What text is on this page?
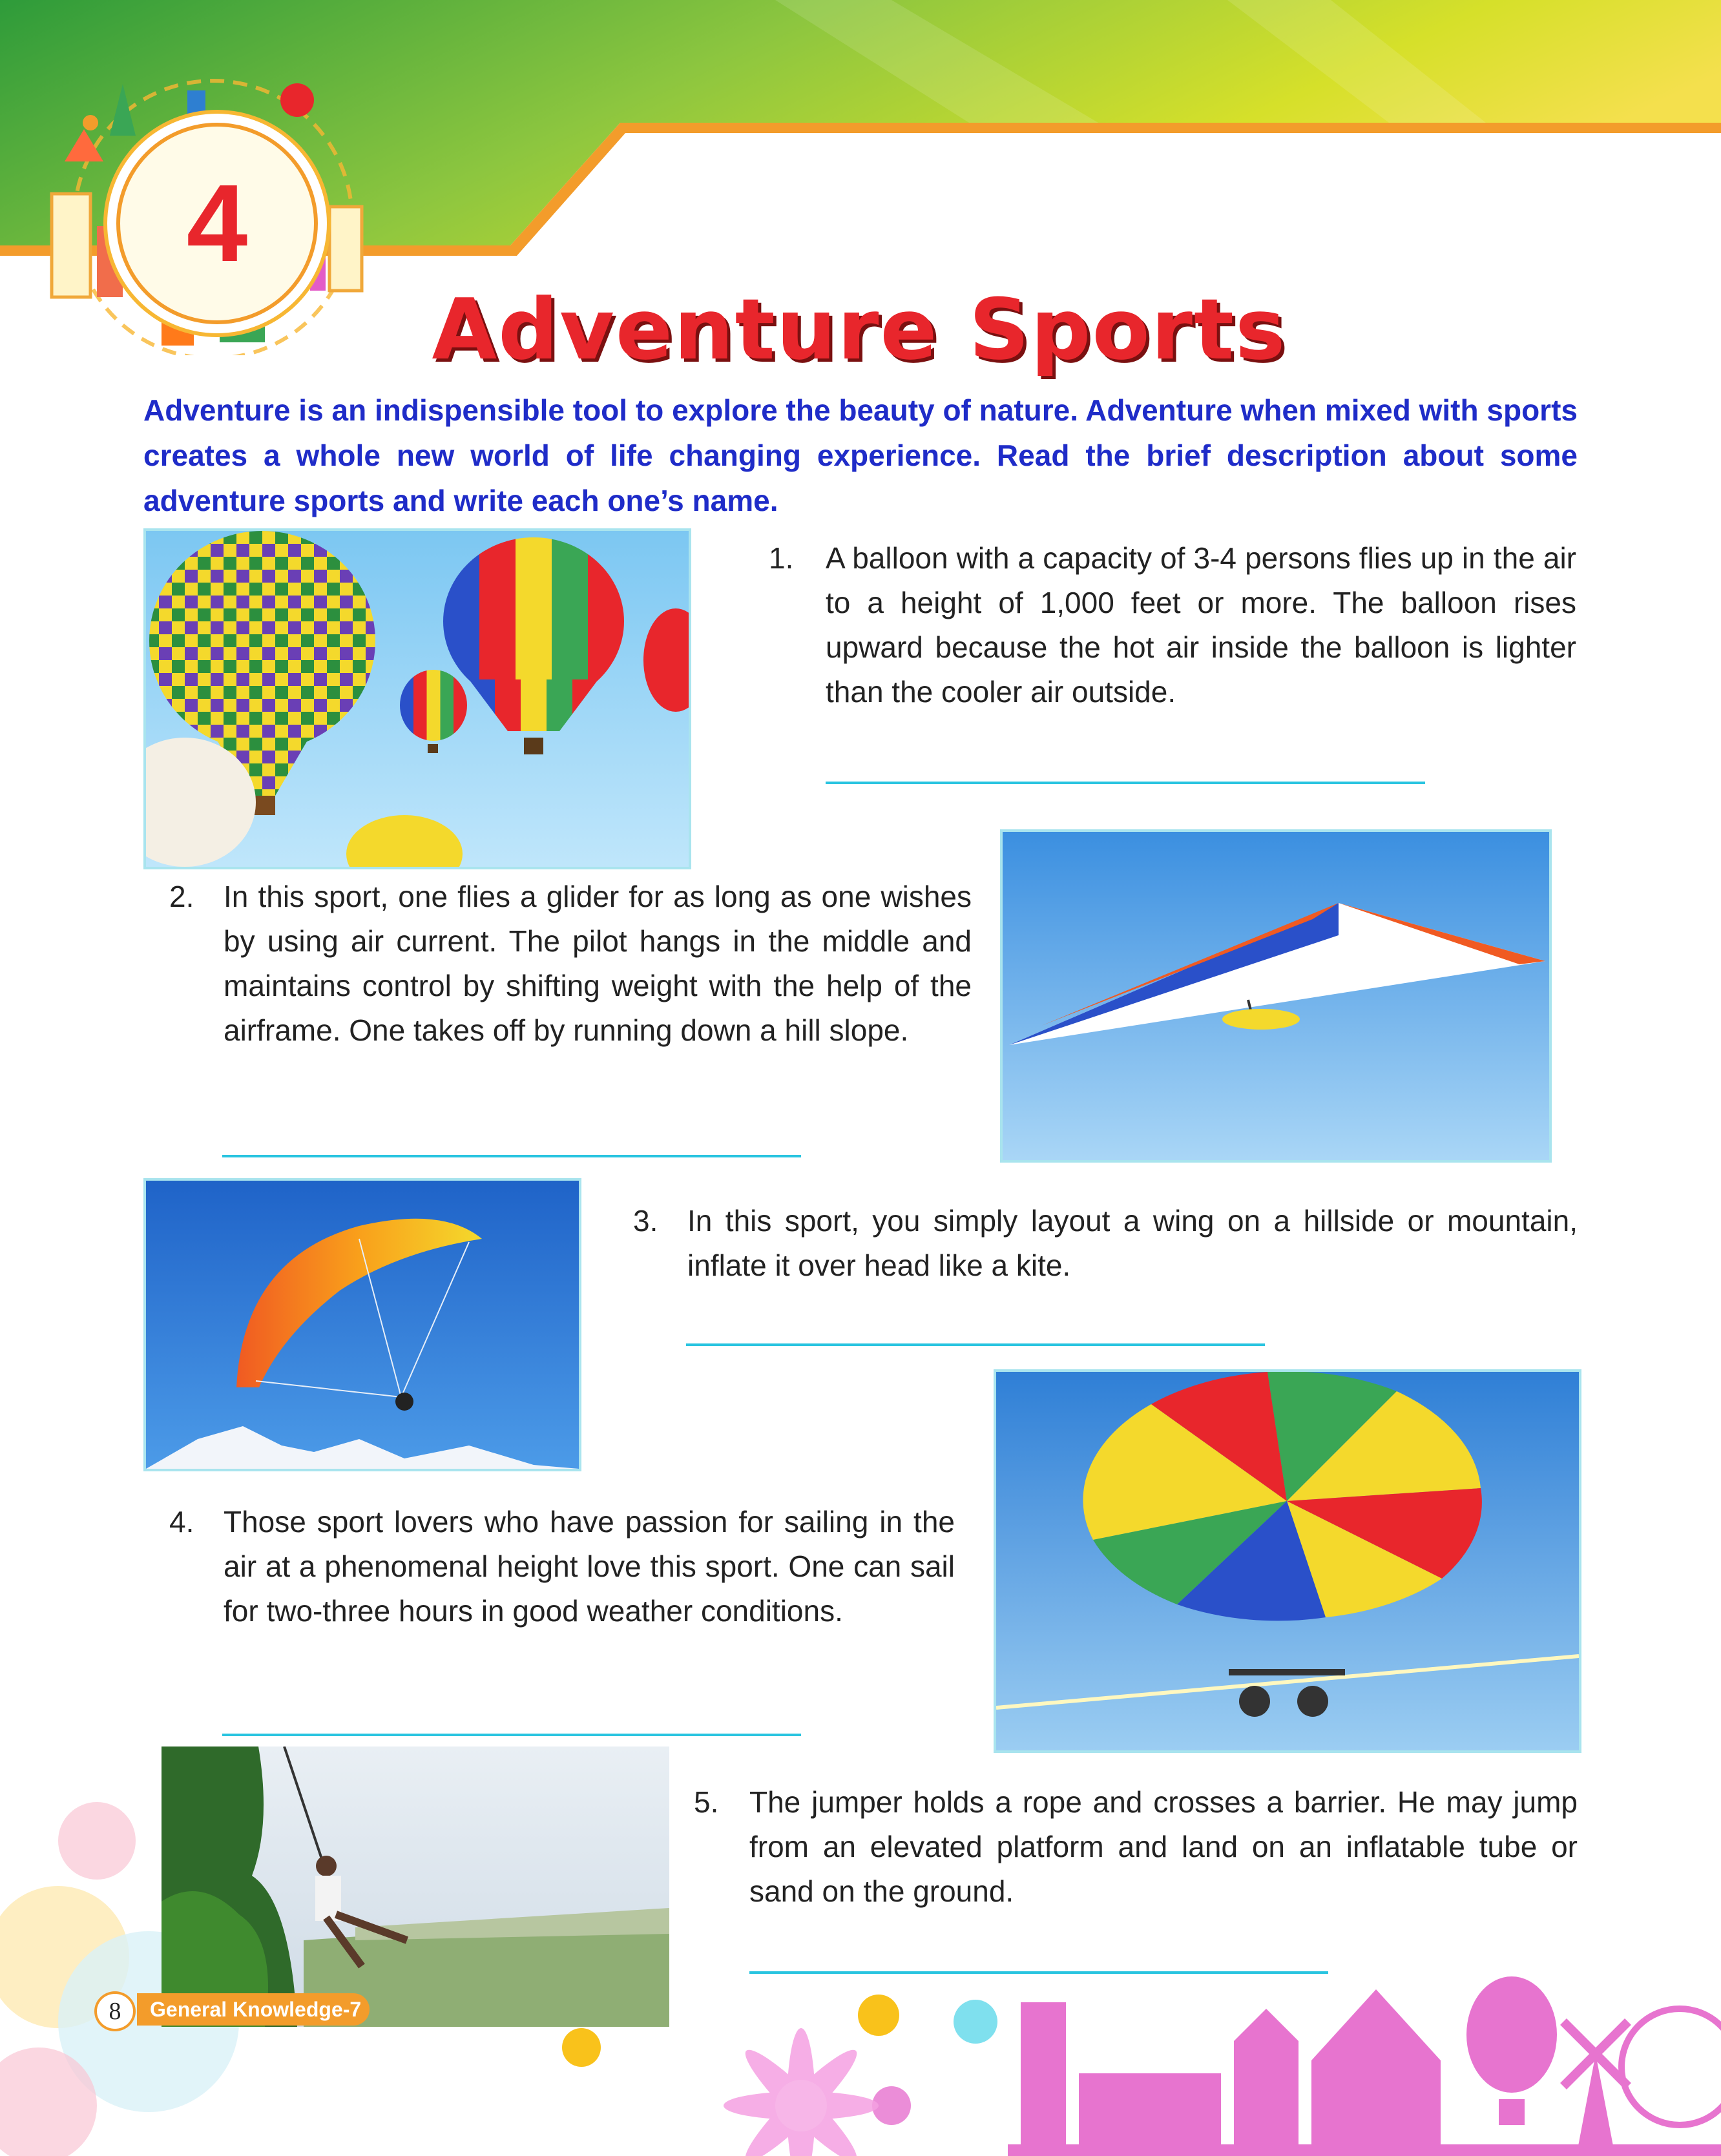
4
Adventure Sports
Adventure is an indispensible tool to explore the beauty of nature. Adventure when mixed with sports creates a whole new world of life changing experience. Read the brief description about some adventure sports and write each one’s name.
1. A balloon with a capacity of 3-4 persons flies up in the air to a height of 1,000 feet or more. The balloon rises upward because the hot air inside the balloon is lighter than the cooler air outside.
2. In this sport, one flies a glider for as long as one wishes by using air current. The pilot hangs in the middle and maintains control by shifting weight with the help of the airframe. One takes off by running down a hill slope.
3. In this sport, you simply layout a wing on a hillside or mountain, inflate it over head like a kite.
4. Those sport lovers who have passion for sailing in the air at a phenomenal height love this sport. One can sail for two-three hours in good weather conditions.
5. The jumper holds a rope and crosses a barrier. He may jump from an elevated platform and land on an inflatable tube or sand on the ground.
General Knowledge-7
8
